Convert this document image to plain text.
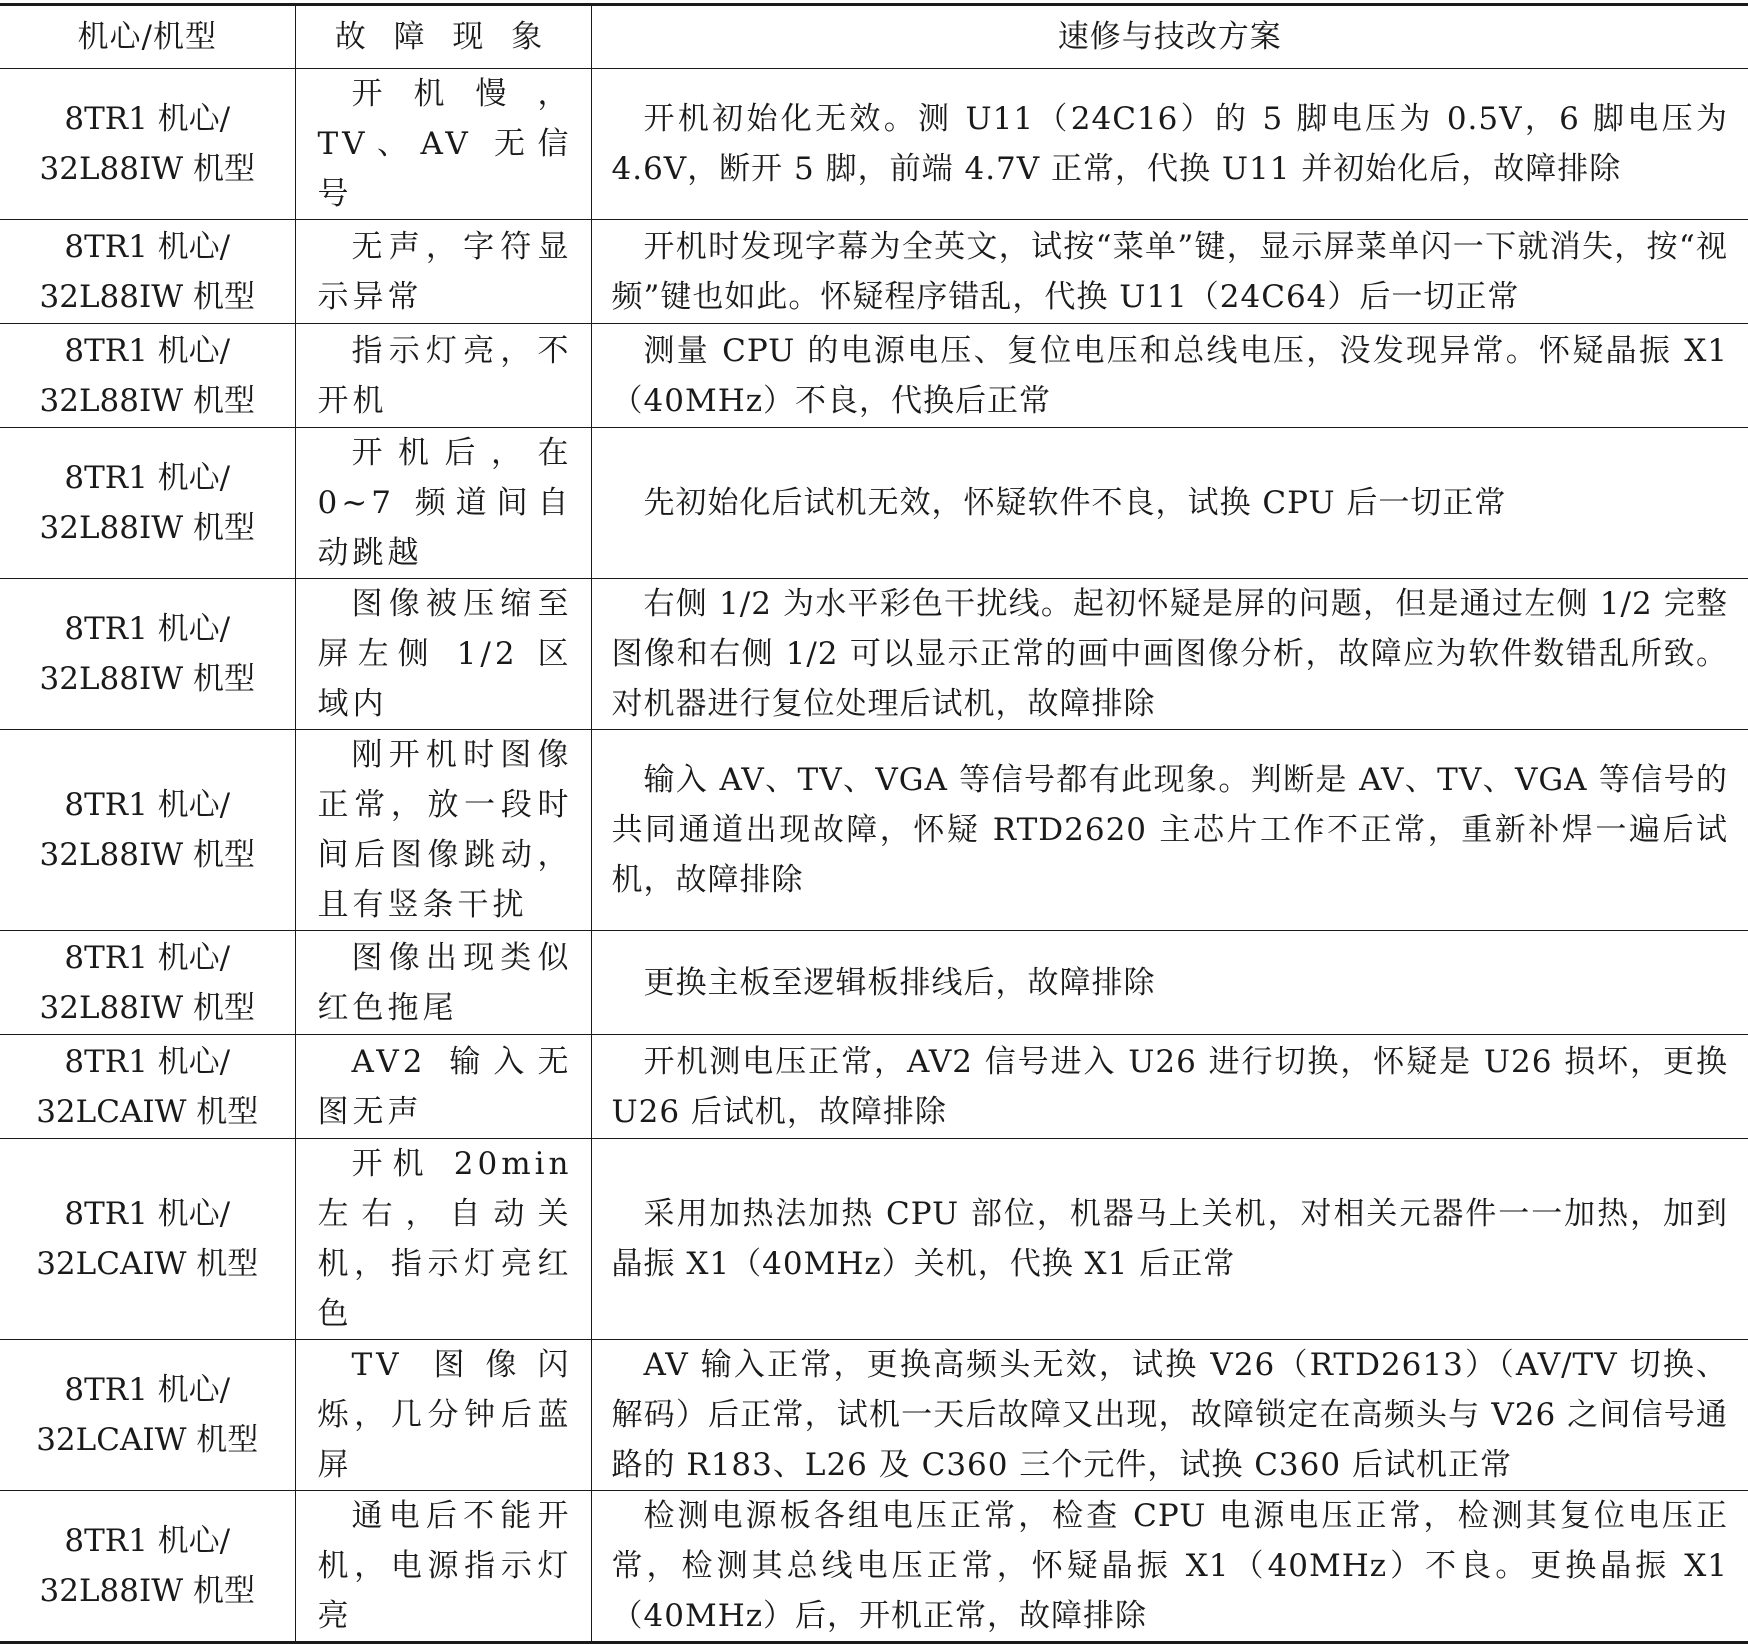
机心/机型	故 障 现 象	速修与技改方案

8TR1 机心/
32L88IW 机型	开机慢，TV、AV 无信号	开机初始化无效。测 U11（24C16）的 5 脚电压为 0.5V，6 脚电压为 4.6V，断开 5 脚，前端 4.7V 正常，代换 U11 并初始化后，故障排除

8TR1 机心/
32L88IW 机型	无声，字符显示异常	开机时发现字幕为全英文，试按“菜单”键，显示屏菜单闪一下就消失，按“视频”键也如此。怀疑程序错乱，代换 U11（24C64）后一切正常

8TR1 机心/
32L88IW 机型	指示灯亮，不开机	测量 CPU 的电源电压、复位电压和总线电压，没发现异常。怀疑晶振 X1（40MHz）不良，代换后正常

8TR1 机心/
32L88IW 机型	开机后，在0~7 频道间自动跳越	先初始化后试机无效，怀疑软件不良，试换 CPU 后一切正常

8TR1 机心/
32L88IW 机型	图像被压缩至屏左侧 1/2 区域内	右侧 1/2 为水平彩色干扰线。起初怀疑是屏的问题，但是通过左侧 1/2 完整图像和右侧 1/2 可以显示正常的画中画图像分析，故障应为软件数错乱所致。对机器进行复位处理后试机，故障排除

8TR1 机心/
32L88IW 机型	刚开机时图像正常，放一段时间后图像跳动，且有竖条干扰	输入 AV、TV、VGA 等信号都有此现象。判断是 AV、TV、VGA 等信号的共同通道出现故障，怀疑 RTD2620 主芯片工作不正常，重新补焊一遍后试机，故障排除

8TR1 机心/
32L88IW 机型	图像出现类似红色拖尾	更换主板至逻辑板排线后，故障排除

8TR1 机心/
32LCAIW 机型	AV2 输入无图无声	开机测电压正常，AV2 信号进入 U26 进行切换，怀疑是 U26 损坏，更换 U26 后试机，故障排除

8TR1 机心/
32LCAIW 机型	开机 20min 左右，自动关机，指示灯亮红色	采用加热法加热 CPU 部位，机器马上关机，对相关元器件一一加热，加到晶振 X1（40MHz）关机，代换 X1 后正常

8TR1 机心/
32LCAIW 机型	TV 图像闪烁，几分钟后蓝屏	AV 输入正常，更换高频头无效，试换 V26（RTD2613）（AV/TV 切换、解码）后正常，试机一天后故障又出现，故障锁定在高频头与 V26 之间信号通路的 R183、L26 及 C360 三个元件，试换 C360 后试机正常

8TR1 机心/
32L88IW 机型	通电后不能开机，电源指示灯亮	检测电源板各组电压正常，检查 CPU 电源电压正常，检测其复位电压正常，检测其总线电压正常，怀疑晶振 X1（40MHz）不良。更换晶振 X1（40MHz）后，开机正常，故障排除
